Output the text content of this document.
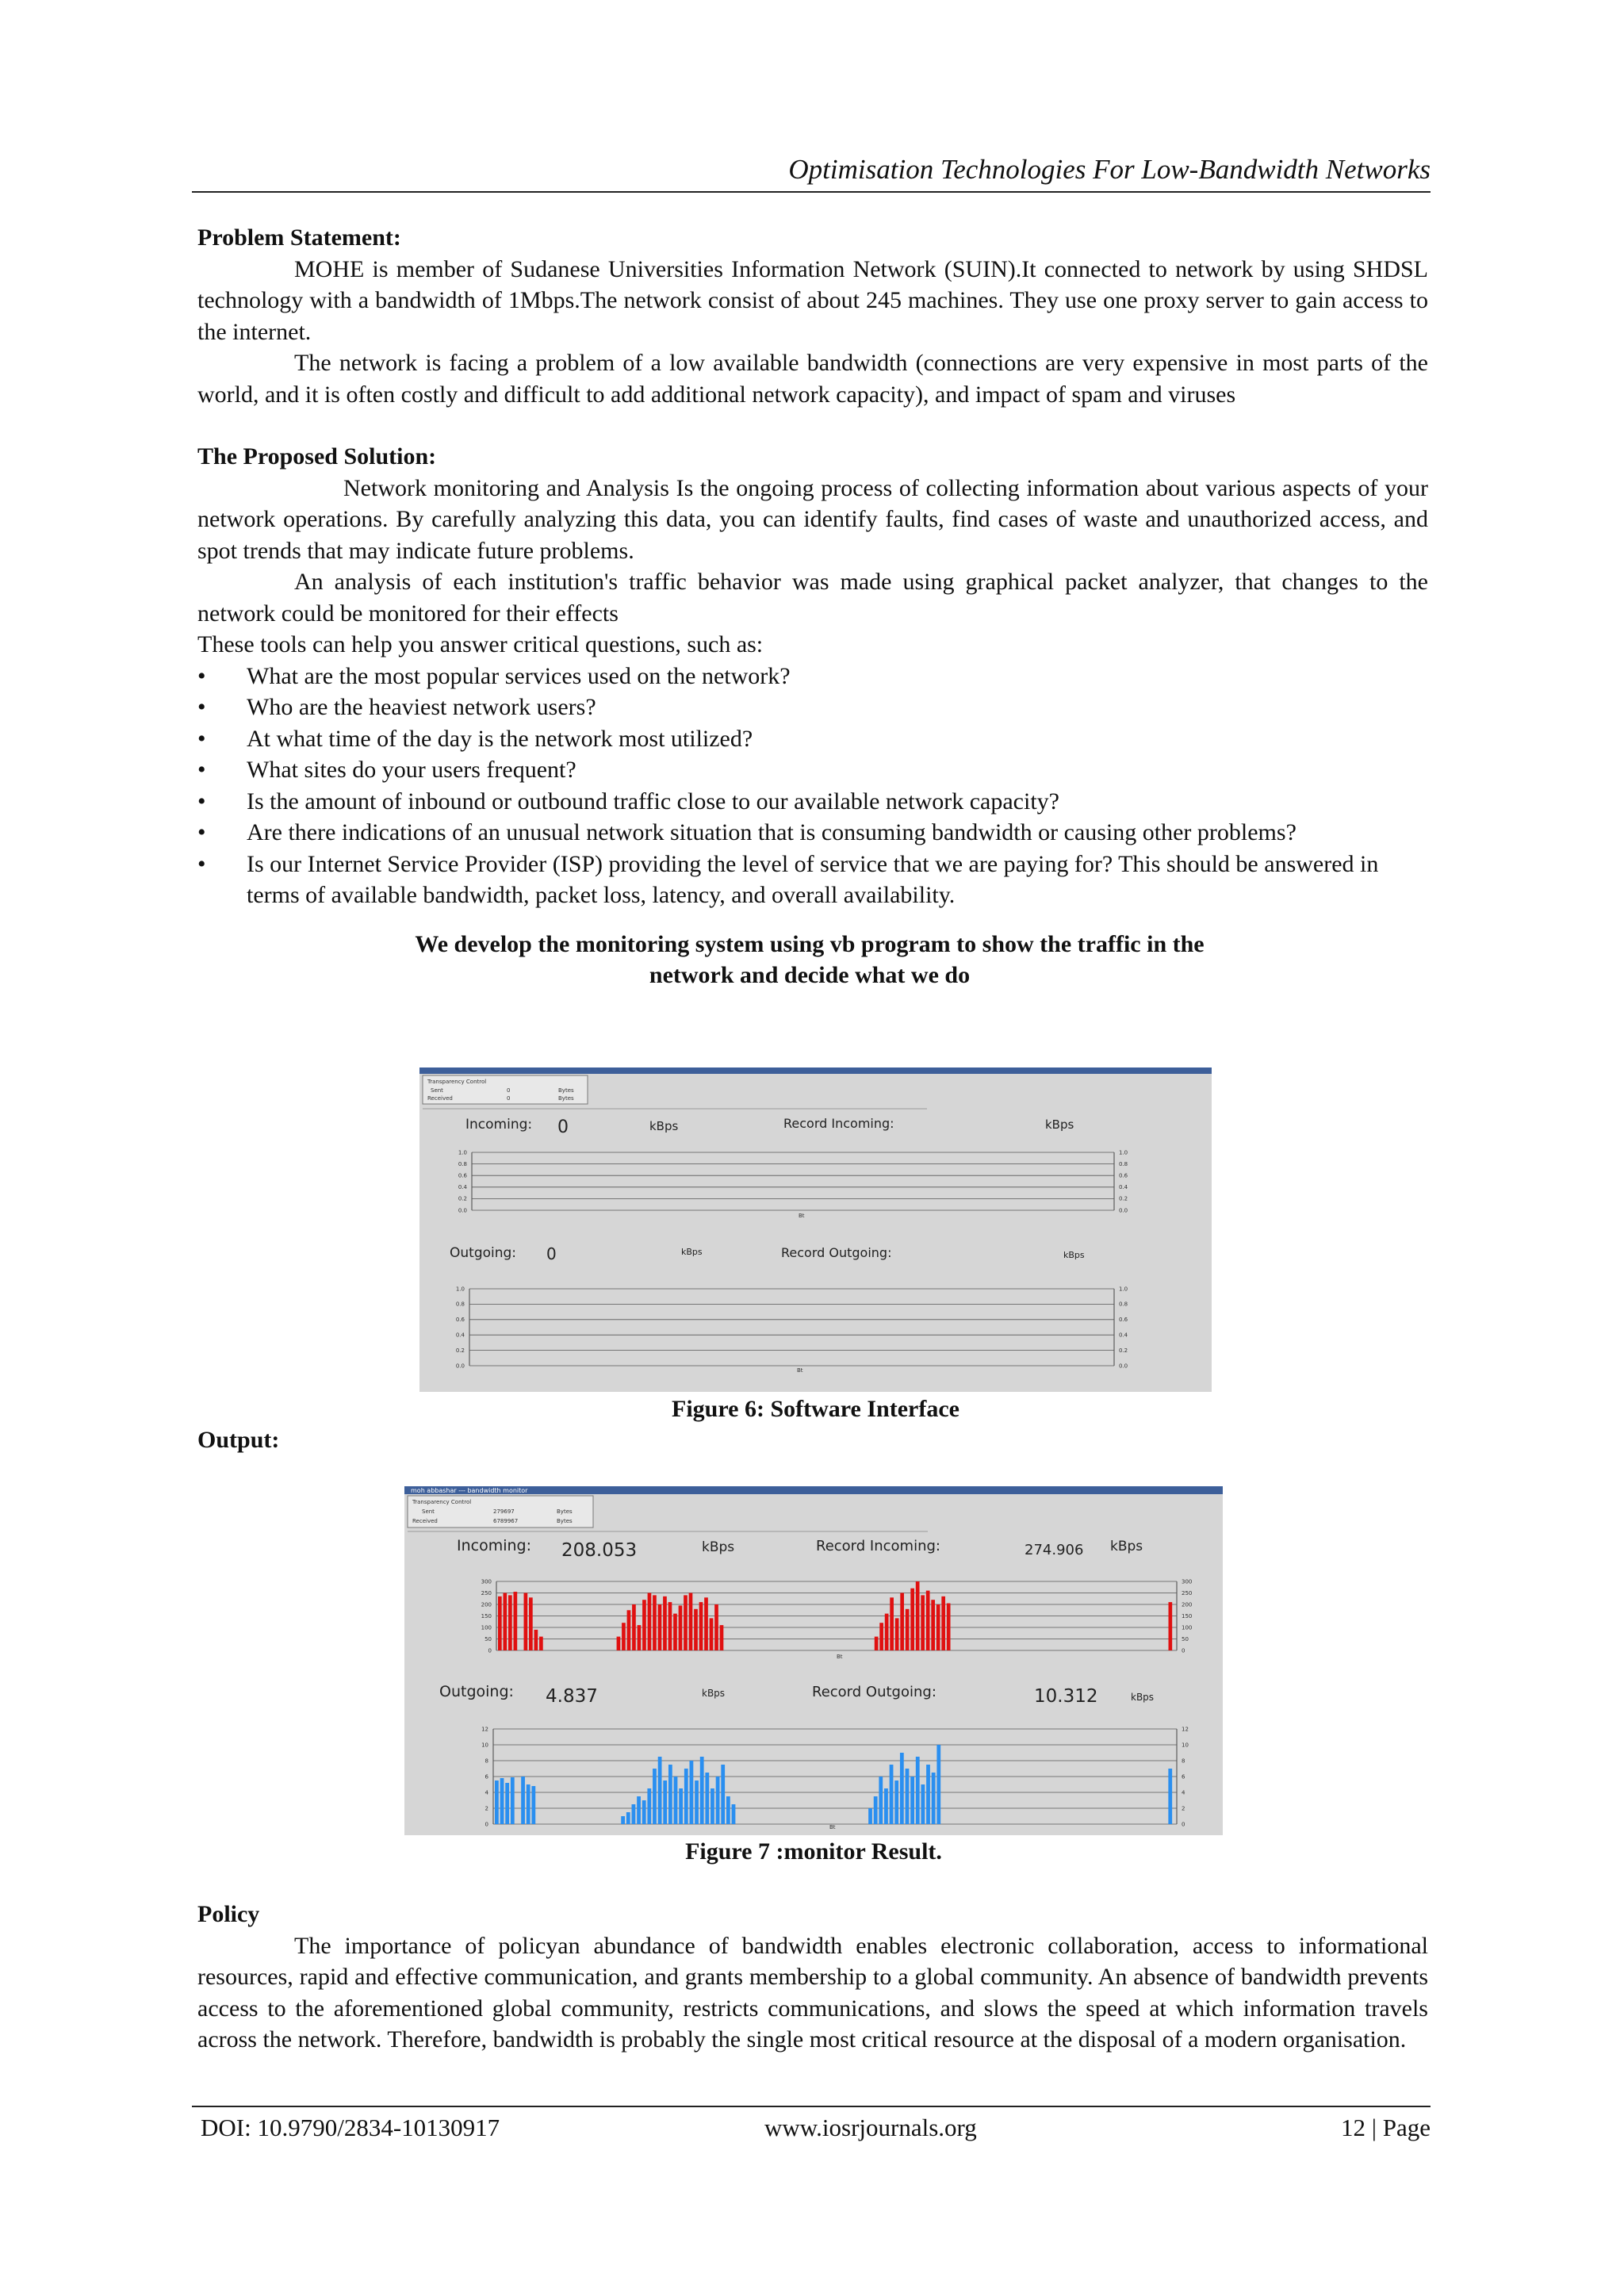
Optimisation Technologies For Low-Bandwidth Networks

Problem Statement:

MOHE is member of Sudanese Universities Information Network (SUIN).It connected to network by using SHDSL technology with a bandwidth of 1Mbps.The network consist of about 245 machines. They use one proxy server to gain access to the internet.

The network is facing a problem of a low available bandwidth (connections are very expensive in most parts of the world, and it is often costly and difficult to add additional network capacity), and impact of spam and viruses

The Proposed Solution:

Network monitoring and Analysis Is the ongoing process of collecting information about various aspects of your network operations. By carefully analyzing this data, you can identify faults, find cases of waste and unauthorized access, and spot trends that may indicate future problems.

An analysis of each institution's traffic behavior was made using graphical packet analyzer, that changes to the network could be monitored for their effects

These tools can help you answer critical questions, such as:

• What are the most popular services used on the network?
• Who are the heaviest network users?
• At what time of the day is the network most utilized?
• What sites do your users frequent?
• Is the amount of inbound or outbound traffic close to our available network capacity?
• Are there indications of an unusual network situation that is consuming bandwidth or causing other problems?
• Is our Internet Service Provider (ISP) providing the level of service that we are paying for? This should be answered in terms of available bandwidth, packet loss, latency, and overall availability.

We develop the monitoring system using vb program to show the traffic in the

network and decide what we do

Transparency Control
Sent
Received
0
0
Bytes
Bytes
Incoming: 0	kBps	Record Incoming:	kBps
1.0	1.0
0.8	0.8
0.6	0.6
0.4	0.4
0.2	0.2
0.0	0.0
Bt
Outgoing: 0	kBps	Record Outgoing:	kBps
1.0	1.0
0.8	0.8
0.6	0.6
0.4	0.4
0.2	0.2
0.0	0.0
Bt
Figure 6: Software Interface
Output:
moh abbashar --- bandwidth monitor
Transparency Control
Sent
Received
279697
6789967
Bytes
Bytes
Incoming: 208.053	kBps	Record Incoming:	274.906 kBps
300	300
250	250
200	200
150	150
100	100
50	50
0	0
Bt
Outgoing: 4.837	kBps	Record Outgoing:	10.312	kBps
12	12
10	10
8	8
6	6
4	4
2	2
0	0
Bt
Figure 7 :monitor Result.

Policy

The importance of policyan abundance of bandwidth enables electronic collaboration, access to informational resources, rapid and effective communication, and grants membership to a global community. An absence of bandwidth prevents access to the aforementioned global community, restricts communications, and slows the speed at which information travels across the network. Therefore, bandwidth is probably the single most critical resource at the disposal of a modern organisation.

DOI: 10.9790/2834-10130917	www.iosrjournals.org	12 | Page
